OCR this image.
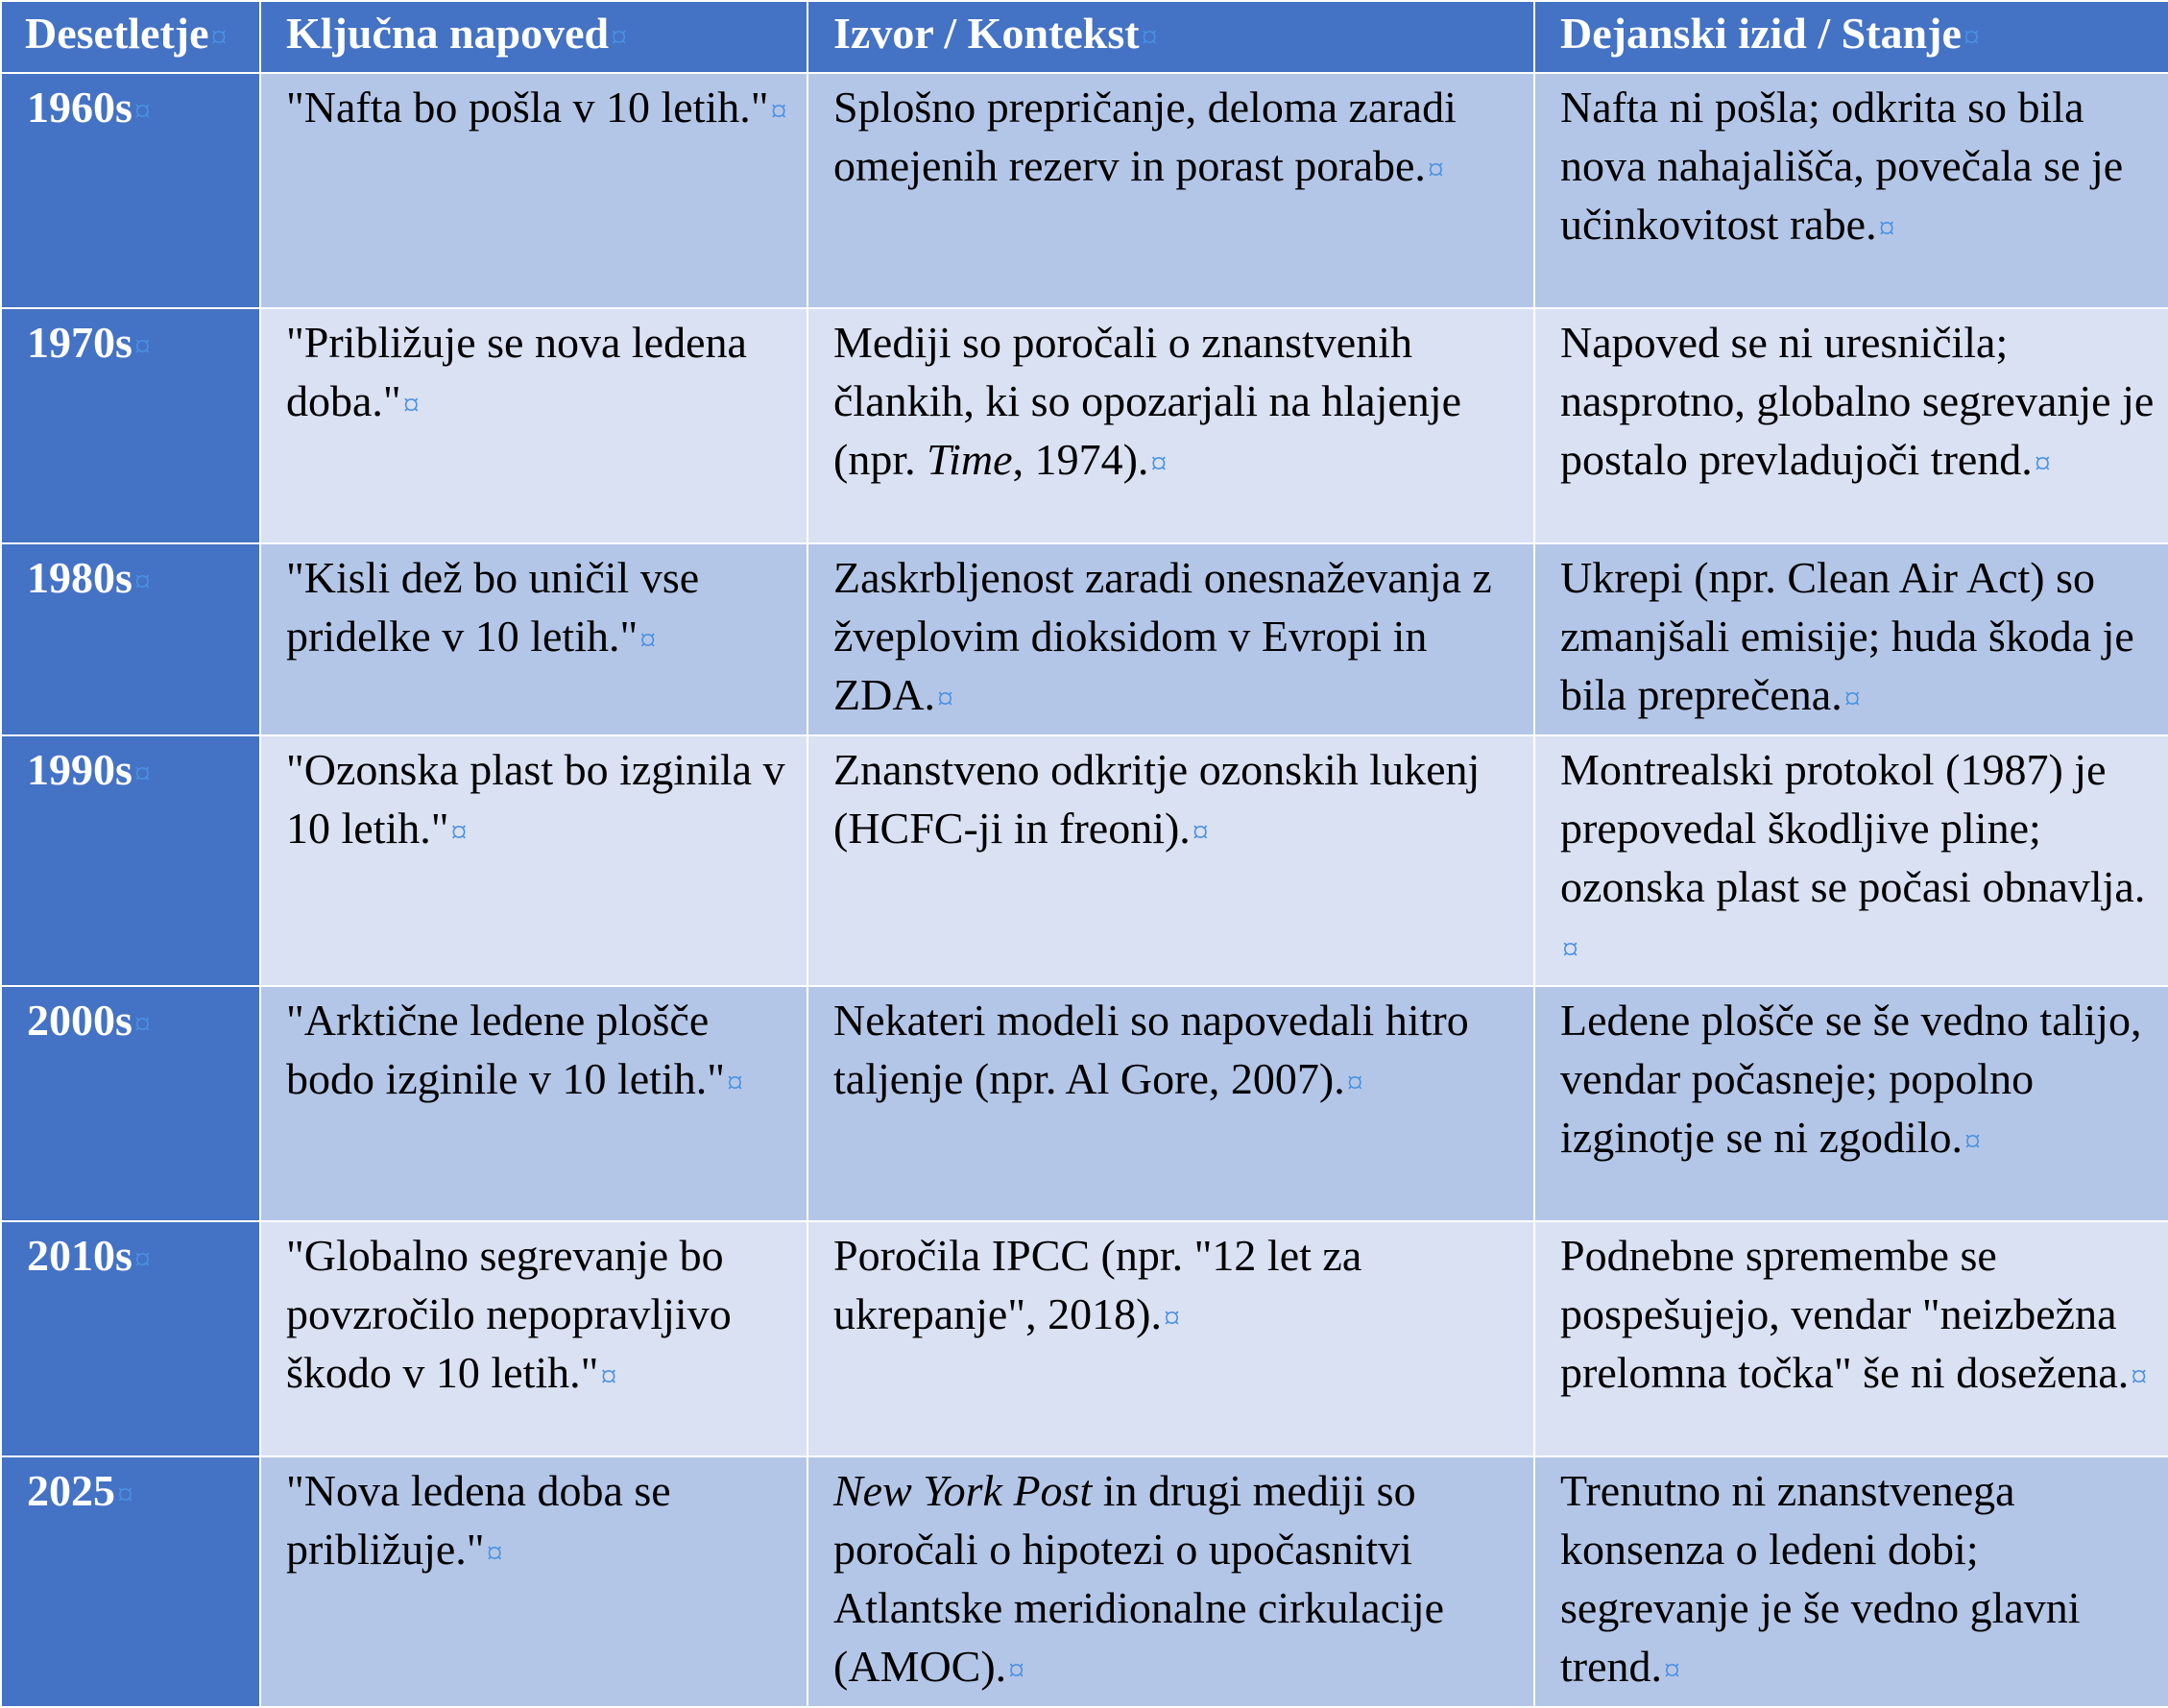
Desetletje¤	Ključna napoved¤	Izvor / Kontekst¤	Dejanski izid / Stanje¤
1960s¤	"Nafta bo pošla v 10 letih."¤	Splošno prepričanje, deloma zaradi omejenih rezerv in porast porabe.¤	Nafta ni pošla; odkrita so bila nova nahajališča, povečala se je učinkovitost rabe.¤
1970s¤	"Približuje se nova ledena doba."¤	Mediji so poročali o znanstvenih člankih, ki so opozarjali na hlajenje (npr. Time, 1974).¤	Napoved se ni uresničila; nasprotno, globalno segrevanje je postalo prevladujoči trend.¤
1980s¤	"Kisli dež bo uničil vse pridelke v 10 letih."¤	Zaskrbljenost zaradi onesnaževanja z žveplovim dioksidom v Evropi in ZDA.¤	Ukrepi (npr. Clean Air Act) so zmanjšali emisije; huda škoda je bila preprečena.¤
1990s¤	"Ozonska plast bo izginila v 10 letih."¤	Znanstveno odkritje ozonskih lukenj (HCFC-ji in freoni).¤	Montrealski protokol (1987) je prepovedal škodljive pline; ozonska plast se počasi obnavlja.¤
2000s¤	"Arktične ledene plošče bodo izginile v 10 letih."¤	Nekateri modeli so napovedali hitro taljenje (npr. Al Gore, 2007).¤	Ledene plošče se še vedno talijo, vendar počasneje; popolno izginotje se ni zgodilo.¤
2010s¤	"Globalno segrevanje bo povzročilo nepopravljivo škodo v 10 letih."¤	Poročila IPCC (npr. "12 let za ukrepanje", 2018).¤	Podnebne spremembe se pospešujejo, vendar "neizbežna prelomna točka" še ni dosežena.¤
2025¤	"Nova ledena doba se približuje."¤	New York Post in drugi mediji so poročali o hipotezi o upočasnitvi Atlantske meridionalne cirkulacije (AMOC).¤	Trenutno ni znanstvenega konsenza o ledeni dobi; segrevanje je še vedno glavni trend.¤
